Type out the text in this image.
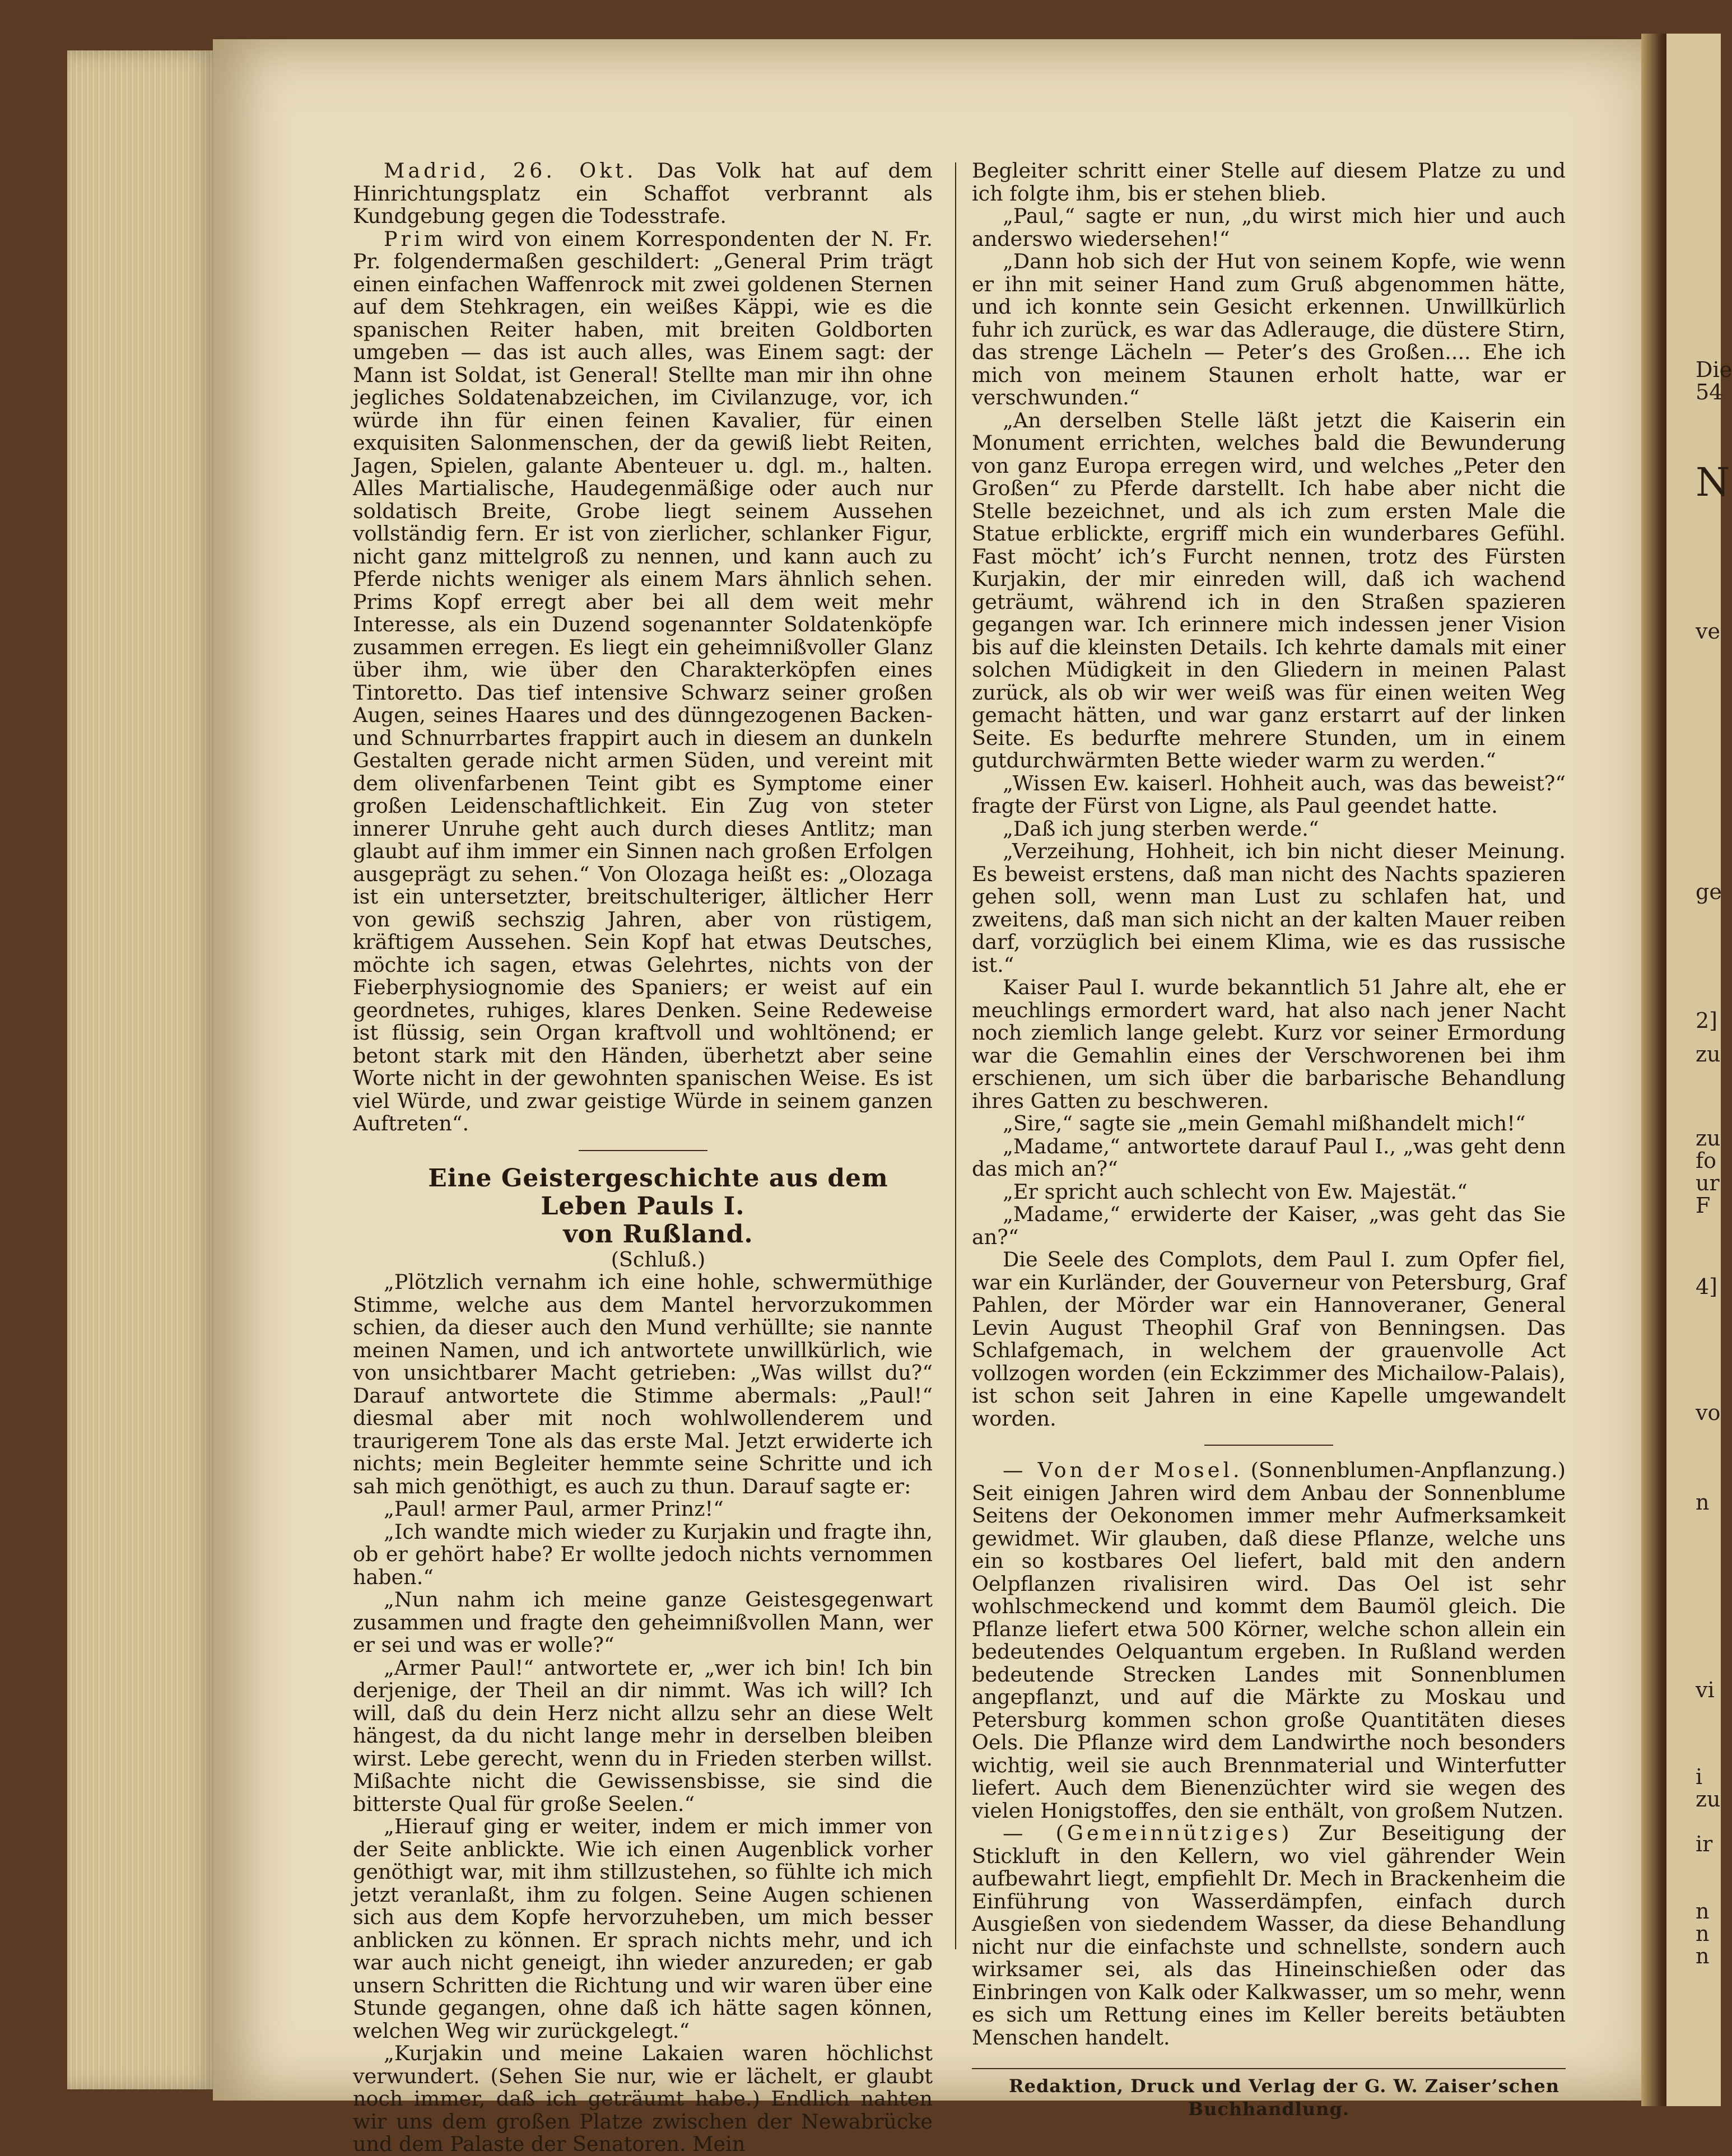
Die
54
N
ve
ge
2]
zu
fo
ur
F
4]
vo
n
vi
i
zu
ir
n
n
n
zu

Madrid, 26. Okt. Das Volk hat auf dem Hinrichtungsplatz ein Schaffot verbrannt als Kundgebung gegen die Todesstrafe.

Prim wird von einem Korrespondenten der N. Fr. Pr. folgendermaßen geschildert: „General Prim trägt einen einfachen Waffenrock mit zwei goldenen Sternen auf dem Stehkragen, ein weißes Käppi, wie es die spanischen Reiter haben, mit breiten Goldborten umgeben — das ist auch alles, was Einem sagt: der Mann ist Soldat, ist General! Stellte man mir ihn ohne jegliches Soldatenabzeichen, im Civilanzuge, vor, ich würde ihn für einen feinen Kavalier, für einen exquisiten Salonmenschen, der da gewiß liebt Reiten, Jagen, Spielen, galante Abenteuer u. dgl. m., halten. Alles Martialische, Haudegenmäßige oder auch nur soldatisch Breite, Grobe liegt seinem Aussehen vollständig fern. Er ist von zierlicher, schlanker Figur, nicht ganz mittelgroß zu nennen, und kann auch zu Pferde nichts weniger als einem Mars ähnlich sehen. Prims Kopf erregt aber bei all dem weit mehr Interesse, als ein Duzend sogenannter Soldatenköpfe zusammen erregen. Es liegt ein geheimnißvoller Glanz über ihm, wie über den Charakterköpfen eines Tintoretto. Das tief intensive Schwarz seiner großen Augen, seines Haares und des dünngezogenen Backen- und Schnurrbartes frappirt auch in diesem an dunkeln Gestalten gerade nicht armen Süden, und vereint mit dem olivenfarbenen Teint gibt es Symptome einer großen Leidenschaftlichkeit. Ein Zug von steter innerer Unruhe geht auch durch dieses Antlitz; man glaubt auf ihm immer ein Sinnen nach großen Erfolgen ausgeprägt zu sehen.“ Von Olozaga heißt es: „Olozaga ist ein untersetzter, breitschulteriger, ältlicher Herr von gewiß sechszig Jahren, aber von rüstigem, kräftigem Aussehen. Sein Kopf hat etwas Deutsches, möchte ich sagen, etwas Gelehrtes, nichts von der Fieberphysiognomie des Spaniers; er weist auf ein geordnetes, ruhiges, klares Denken. Seine Redeweise ist flüssig, sein Organ kraftvoll und wohltönend; er betont stark mit den Händen, überhetzt aber seine Worte nicht in der gewohnten spanischen Weise. Es ist viel Würde, und zwar geistige Würde in seinem ganzen Auftreten“.

Eine Geistergeschichte aus dem Leben Pauls I.

von Rußland.

(Schluß.)

„Plötzlich vernahm ich eine hohle, schwermüthige Stimme, welche aus dem Mantel hervorzukommen schien, da dieser auch den Mund verhüllte; sie nannte meinen Namen, und ich antwortete unwillkürlich, wie von unsichtbarer Macht getrieben: „Was willst du?“ Darauf antwortete die Stimme abermals: „Paul!“ diesmal aber mit noch wohlwollenderem und traurigerem Tone als das erste Mal. Jetzt erwiderte ich nichts; mein Begleiter hemmte seine Schritte und ich sah mich genöthigt, es auch zu thun. Darauf sagte er:

„Paul! armer Paul, armer Prinz!“

„Ich wandte mich wieder zu Kurjakin und fragte ihn, ob er gehört habe? Er wollte jedoch nichts vernommen haben.“

„Nun nahm ich meine ganze Geistesgegenwart zusammen und fragte den geheimnißvollen Mann, wer er sei und was er wolle?“

„Armer Paul!“ antwortete er, „wer ich bin! Ich bin derjenige, der Theil an dir nimmt. Was ich will? Ich will, daß du dein Herz nicht allzu sehr an diese Welt hängest, da du nicht lange mehr in derselben bleiben wirst. Lebe gerecht, wenn du in Frieden sterben willst. Mißachte nicht die Gewissensbisse, sie sind die bitterste Qual für große Seelen.“

„Hierauf ging er weiter, indem er mich immer von der Seite anblickte. Wie ich einen Augenblick vorher genöthigt war, mit ihm stillzustehen, so fühlte ich mich jetzt veranlaßt, ihm zu folgen. Seine Augen schienen sich aus dem Kopfe hervorzuheben, um mich besser anblicken zu können. Er sprach nichts mehr, und ich war auch nicht geneigt, ihn wieder anzureden; er gab unsern Schritten die Richtung und wir waren über eine Stunde gegangen, ohne daß ich hätte sagen können, welchen Weg wir zurückgelegt.“

„Kurjakin und meine Lakaien waren höchlichst verwundert. (Sehen Sie nur, wie er lächelt, er glaubt noch immer, daß ich geträumt habe.) Endlich nahten wir uns dem großen Platze zwischen der Newabrücke und dem Palaste der Senatoren. Mein

Begleiter schritt einer Stelle auf diesem Platze zu und ich folgte ihm, bis er stehen blieb.

„Paul,“ sagte er nun, „du wirst mich hier und auch anderswo wiedersehen!“

„Dann hob sich der Hut von seinem Kopfe, wie wenn er ihn mit seiner Hand zum Gruß abgenommen hätte, und ich konnte sein Gesicht erkennen. Unwillkürlich fuhr ich zurück, es war das Adlerauge, die düstere Stirn, das strenge Lächeln — Peter’s des Großen.... Ehe ich mich von meinem Staunen erholt hatte, war er verschwunden.“

„An derselben Stelle läßt jetzt die Kaiserin ein Monument errichten, welches bald die Bewunderung von ganz Europa erregen wird, und welches „Peter den Großen“ zu Pferde darstellt. Ich habe aber nicht die Stelle bezeichnet, und als ich zum ersten Male die Statue erblickte, ergriff mich ein wunderbares Gefühl. Fast möcht’ ich’s Furcht nennen, trotz des Fürsten Kurjakin, der mir einreden will, daß ich wachend geträumt, während ich in den Straßen spazieren gegangen war. Ich erinnere mich indessen jener Vision bis auf die kleinsten Details. Ich kehrte damals mit einer solchen Müdigkeit in den Gliedern in meinen Palast zurück, als ob wir wer weiß was für einen weiten Weg gemacht hätten, und war ganz erstarrt auf der linken Seite. Es bedurfte mehrere Stunden, um in einem gutdurchwärmten Bette wieder warm zu werden.“

„Wissen Ew. kaiserl. Hohheit auch, was das beweist?“ fragte der Fürst von Ligne, als Paul geendet hatte.

„Daß ich jung sterben werde.“

„Verzeihung, Hohheit, ich bin nicht dieser Meinung. Es beweist erstens, daß man nicht des Nachts spazieren gehen soll, wenn man Lust zu schlafen hat, und zweitens, daß man sich nicht an der kalten Mauer reiben darf, vorzüglich bei einem Klima, wie es das russische ist.“

Kaiser Paul I. wurde bekanntlich 51 Jahre alt, ehe er meuchlings ermordert ward, hat also nach jener Nacht noch ziemlich lange gelebt. Kurz vor seiner Ermordung war die Gemahlin eines der Verschworenen bei ihm erschienen, um sich über die barbarische Behandlung ihres Gatten zu beschweren.

„Sire,“ sagte sie „mein Gemahl mißhandelt mich!“

„Madame,“ antwortete darauf Paul I., „was geht denn das mich an?“

„Er spricht auch schlecht von Ew. Majestät.“

„Madame,“ erwiderte der Kaiser, „was geht das Sie an?“

Die Seele des Complots, dem Paul I. zum Opfer fiel, war ein Kurländer, der Gouverneur von Petersburg, Graf Pahlen, der Mörder war ein Hannoveraner, General Levin August Theophil Graf von Benningsen. Das Schlafgemach, in welchem der grauenvolle Act vollzogen worden (ein Eckzimmer des Michailow-Palais), ist schon seit Jahren in eine Kapelle umgewandelt worden.

— Von der Mosel. (Sonnenblumen-Anpflanzung.) Seit einigen Jahren wird dem Anbau der Sonnenblume Seitens der Oekonomen immer mehr Aufmerksamkeit gewidmet. Wir glauben, daß diese Pflanze, welche uns ein so kostbares Oel liefert, bald mit den andern Oelpflanzen rivalisiren wird. Das Oel ist sehr wohlschmeckend und kommt dem Baumöl gleich. Die Pflanze liefert etwa 500 Körner, welche schon allein ein bedeutendes Oelquantum ergeben. In Rußland werden bedeutende Strecken Landes mit Sonnenblumen angepflanzt, und auf die Märkte zu Moskau und Petersburg kommen schon große Quantitäten dieses Oels. Die Pflanze wird dem Landwirthe noch besonders wichtig, weil sie auch Brennmaterial und Winterfutter liefert. Auch dem Bienenzüchter wird sie wegen des vielen Honigstoffes, den sie enthält, von großem Nutzen.

— (Gemeinnütziges) Zur Beseitigung der Stickluft in den Kellern, wo viel gährender Wein aufbewahrt liegt, empfiehlt Dr. Mech in Brackenheim die Einführung von Wasserdämpfen, einfach durch Ausgießen von siedendem Wasser, da diese Behandlung nicht nur die einfachste und schnellste, sondern auch wirksamer sei, als das Hineinschießen oder das Einbringen von Kalk oder Kalkwasser, um so mehr, wenn es sich um Rettung eines im Keller bereits betäubten Menschen handelt.

Redaktion, Druck und Verlag der G. W. Zaiser’schen Buchhandlung.
